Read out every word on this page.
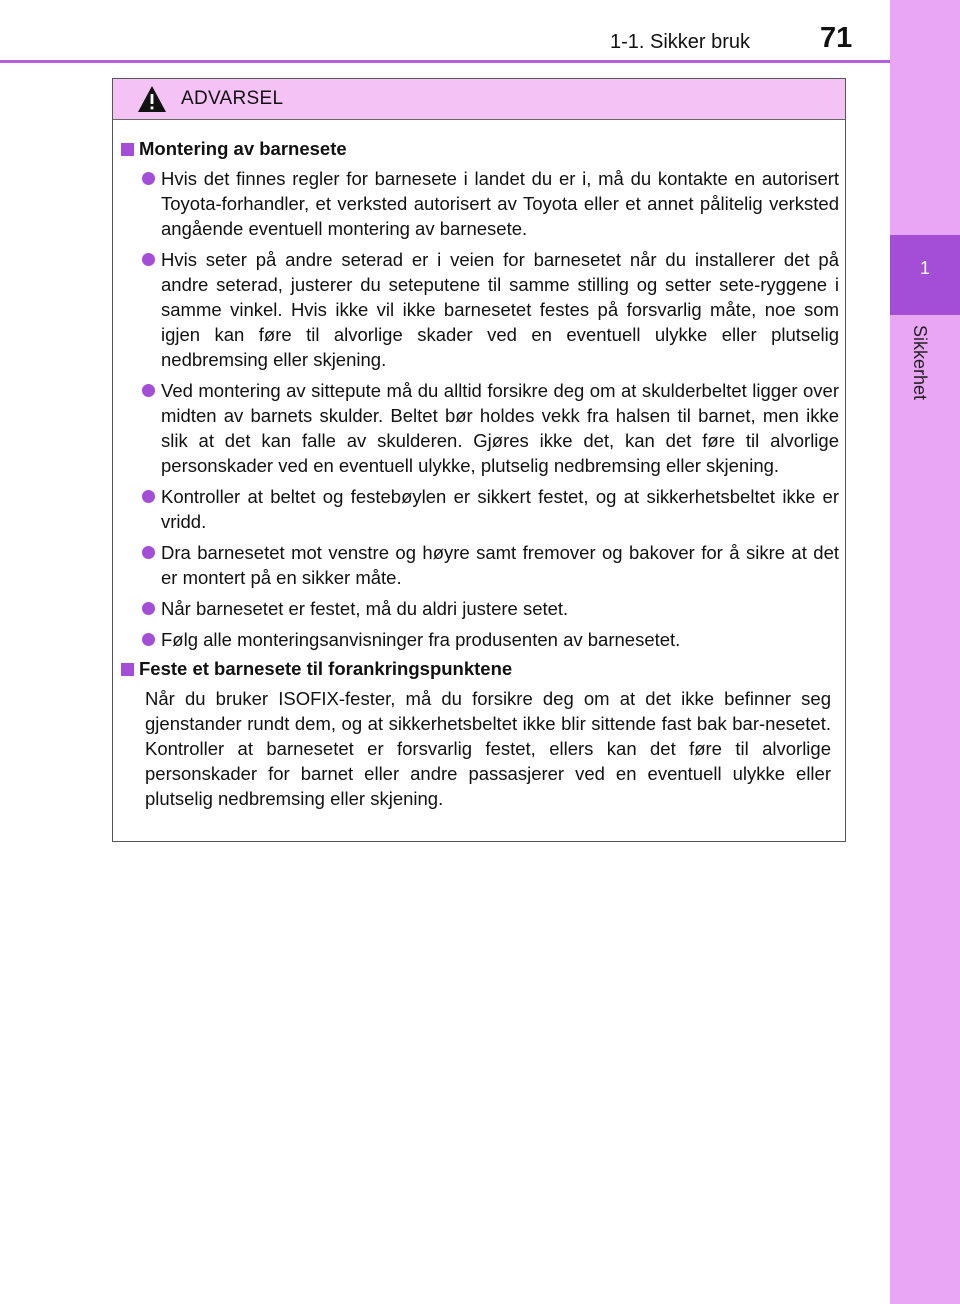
1
Sikkerhet
1-1. Sikker bruk 71
ADVARSEL
Montering av barnesete
Hvis det finnes regler for barnesete i landet du er i, må du kontakte en autorisert Toyota-forhandler, et verksted autorisert av Toyota eller et annet pålitelig verksted angående eventuell montering av barnesete.
Hvis seter på andre seterad er i veien for barnesetet når du installerer det på andre seterad, justerer du seteputene til samme stilling og setter sete-ryggene i samme vinkel. Hvis ikke vil ikke barnesetet festes på forsvarlig måte, noe som igjen kan føre til alvorlige skader ved en eventuell ulykke eller plutselig nedbremsing eller skjening.
Ved montering av sittepute må du alltid forsikre deg om at skulderbeltet ligger over midten av barnets skulder. Beltet bør holdes vekk fra halsen til barnet, men ikke slik at det kan falle av skulderen. Gjøres ikke det, kan det føre til alvorlige personskader ved en eventuell ulykke, plutselig nedbremsing eller skjening.
Kontroller at beltet og festebøylen er sikkert festet, og at sikkerhetsbeltet ikke er vridd.
Dra barnesetet mot venstre og høyre samt fremover og bakover for å sikre at det er montert på en sikker måte.
Når barnesetet er festet, må du aldri justere setet.
Følg alle monteringsanvisninger fra produsenten av barnesetet.
Feste et barnesete til forankringspunktene

Når du bruker ISOFIX-fester, må du forsikre deg om at det ikke befinner seg gjenstander rundt dem, og at sikkerhetsbeltet ikke blir sittende fast bak bar-nesetet. Kontroller at barnesetet er forsvarlig festet, ellers kan det føre til alvorlige personskader for barnet eller andre passasjerer ved en eventuell ulykke eller plutselig nedbremsing eller skjening.
